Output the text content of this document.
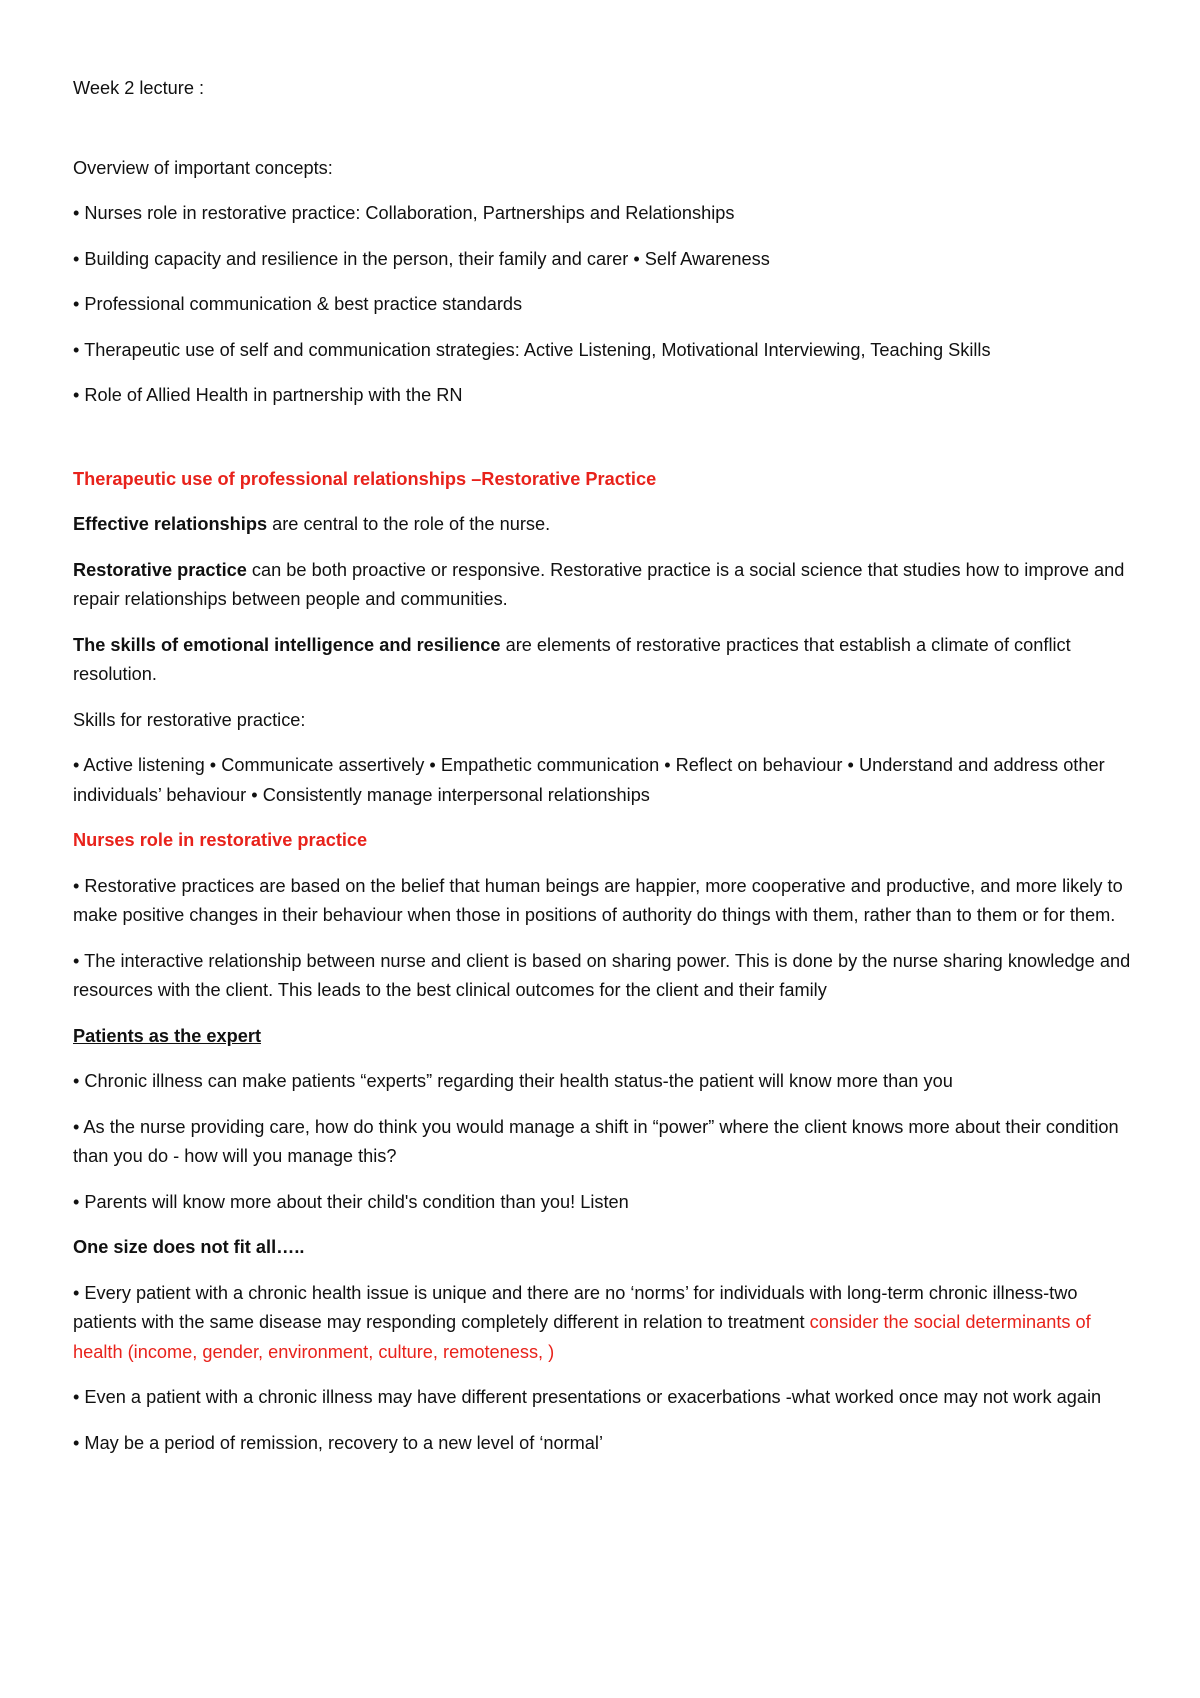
Week 2 lecture :

Overview of important concepts:

• Nurses role in restorative practice: Collaboration, Partnerships and Relationships

• Building capacity and resilience in the person, their family and carer • Self Awareness

• Professional communication & best practice standards

• Therapeutic use of self and communication strategies: Active Listening, Motivational Interviewing, Teaching Skills

• Role of Allied Health in partnership with the RN

Therapeutic use of professional relationships –Restorative Practice

Effective relationships are central to the role of the nurse.

Restorative practice can be both proactive or responsive. Restorative practice is a social science that studies how to improve and repair relationships between people and communities.

The skills of emotional intelligence and resilience are elements of restorative practices that establish a climate of conflict resolution.

Skills for restorative practice:

• Active listening • Communicate assertively • Empathetic communication • Reflect on behaviour • Understand and address other individuals’ behaviour • Consistently manage interpersonal relationships

Nurses role in restorative practice

• Restorative practices are based on the belief that human beings are happier, more cooperative and productive, and more likely to make positive changes in their behaviour when those in positions of authority do things with them, rather than to them or for them.

• The interactive relationship between nurse and client is based on sharing power. This is done by the nurse sharing knowledge and resources with the client. This leads to the best clinical outcomes for the client and their family

Patients as the expert

• Chronic illness can make patients “experts” regarding their health status-the patient will know more than you

• As the nurse providing care, how do think you would manage a shift in “power” where the client knows more about their condition than you do - how will you manage this?

• Parents will know more about their child's condition than you! Listen

One size does not fit all…..

• Every patient with a chronic health issue is unique and there are no ‘norms’ for individuals with long-term chronic illness-two patients with the same disease may responding completely different in relation to treatment consider the social determinants of health (income, gender, environment, culture, remoteness, )

• Even a patient with a chronic illness may have different presentations or exacerbations -what worked once may not work again

• May be a period of remission, recovery to a new level of ‘normal’
